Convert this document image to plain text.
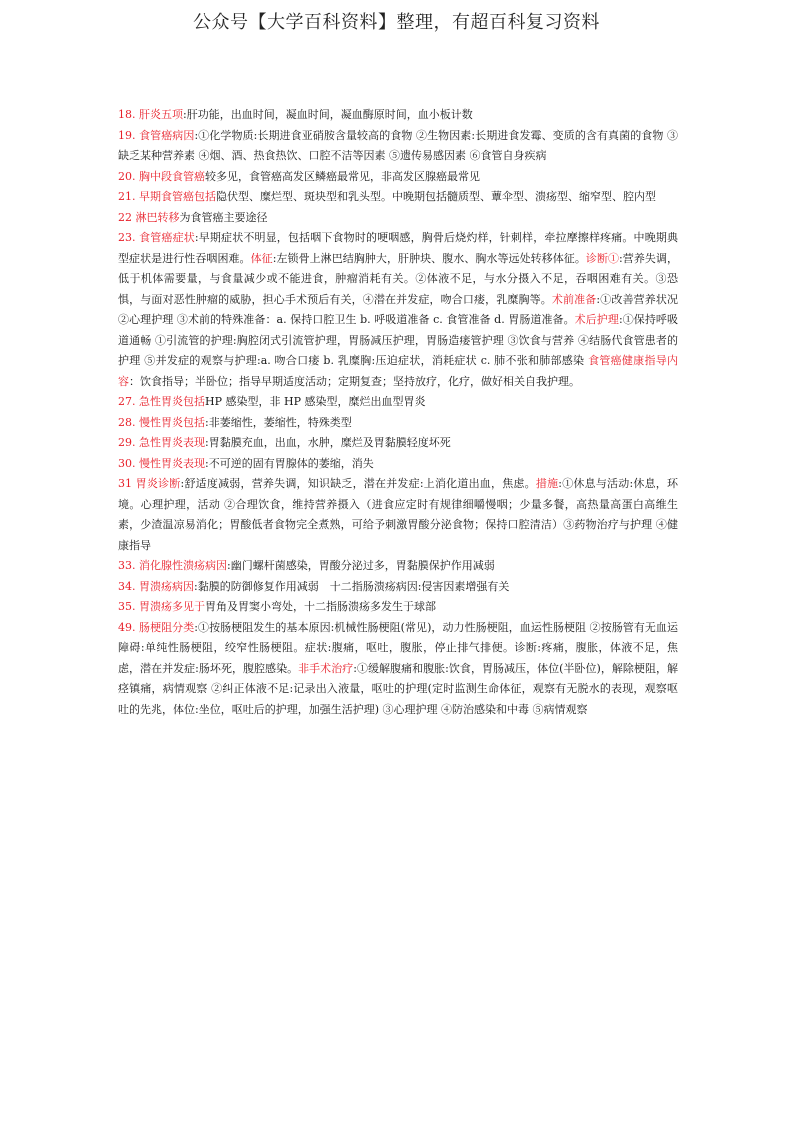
公众号【大学百科资料】整理，有超百科复习资料

18. 肝炎五项:肝功能，出血时间，凝血时间，凝血酶原时间，血小板计数

19. 食管癌病因:①化学物质:长期进食亚硝胺含量较高的食物 ②生物因素:长期进食发霉、变质的含有真菌的食物 ③缺乏某种营养素 ④烟、酒、热食热饮、口腔不洁等因素 ⑤遗传易感因素 ⑥食管自身疾病

20. 胸中段食管癌较多见，食管癌高发区鳞癌最常见，非高发区腺癌最常见

21. 早期食管癌包括隐伏型、糜烂型、斑块型和乳头型。中晚期包括髓质型、蕈伞型、溃疡型、缩窄型、腔内型

22 淋巴转移为食管癌主要途径

23. 食管癌症状:早期症状不明显，包括咽下食物时的哽咽感，胸骨后烧灼样，针刺样，牵拉摩擦样疼痛。中晚期典型症状是进行性吞咽困难。体征:左锁骨上淋巴结胸肿大，肝肿块、腹水、胸水等远处转移体征。诊断①:营养失调，低于机体需要量，与食量减少或不能进食，肿瘤消耗有关。②体液不足，与水分摄入不足，吞咽困难有关。③恐惧，与面对恶性肿瘤的威胁，担心手术预后有关，④潜在并发症，吻合口瘘，乳糜胸等。术前准备:①改善营养状况 ②心理护理 ③术前的特殊准备：a. 保持口腔卫生 b. 呼吸道准备 c. 食管准备 d. 胃肠道准备。术后护理:①保持呼吸道通畅 ①引流管的护理:胸腔闭式引流管护理，胃肠减压护理，胃肠造瘘管护理 ③饮食与营养 ④结肠代食管患者的护理 ⑤并发症的观察与护理:a. 吻合口瘘 b. 乳糜胸:压迫症状，消耗症状 c. 肺不张和肺部感染 食管癌健康指导内容：饮食指导；半卧位；指导早期适度活动；定期复查；坚持放疗，化疗，做好相关自我护理。

27. 急性胃炎包括HP 感染型，非 HP 感染型，糜烂出血型胃炎

28. 慢性胃炎包括:非萎缩性，萎缩性，特殊类型

29. 急性胃炎表现:胃黏膜充血，出血，水肿，糜烂及胃黏膜轻度坏死

30. 慢性胃炎表现:不可逆的固有胃腺体的萎缩，消失

31 胃炎诊断:舒适度减弱，营养失调，知识缺乏，潜在并发症:上消化道出血，焦虑。措施:①休息与活动:休息，环境。心理护理，活动 ②合理饮食，维持营养摄入（进食应定时有规律细嚼慢咽；少量多餐，高热量高蛋白高维生素，少渣温凉易消化；胃酸低者食物完全煮熟，可给予刺激胃酸分泌食物；保持口腔清洁）③药物治疗与护理 ④健康指导

33. 消化腺性溃疡病因:幽门螺杆菌感染，胃酸分泌过多，胃黏膜保护作用减弱

34. 胃溃疡病因:黏膜的防御修复作用减弱　十二指肠溃疡病因:侵害因素增强有关

35. 胃溃疡多见于胃角及胃窦小弯处，十二指肠溃疡多发生于球部

49. 肠梗阻分类:①按肠梗阻发生的基本原因:机械性肠梗阻(常见)，动力性肠梗阻，血运性肠梗阻 ②按肠管有无血运障碍:单纯性肠梗阻，绞窄性肠梗阻。症状:腹痛，呕吐，腹胀，停止排气排便。诊断:疼痛，腹胀，体液不足，焦虑，潜在并发症:肠坏死，腹腔感染。非手术治疗:①缓解腹痛和腹胀:饮食，胃肠减压，体位(半卧位)，解除梗阻，解痉镇痛，病情观察 ②纠正体液不足:记录出入液量，呕吐的护理(定时监测生命体征，观察有无脱水的表现，观察呕吐的先兆，体位:坐位，呕吐后的护理，加强生活护理) ③心理护理 ④防治感染和中毒 ⑤病情观察
